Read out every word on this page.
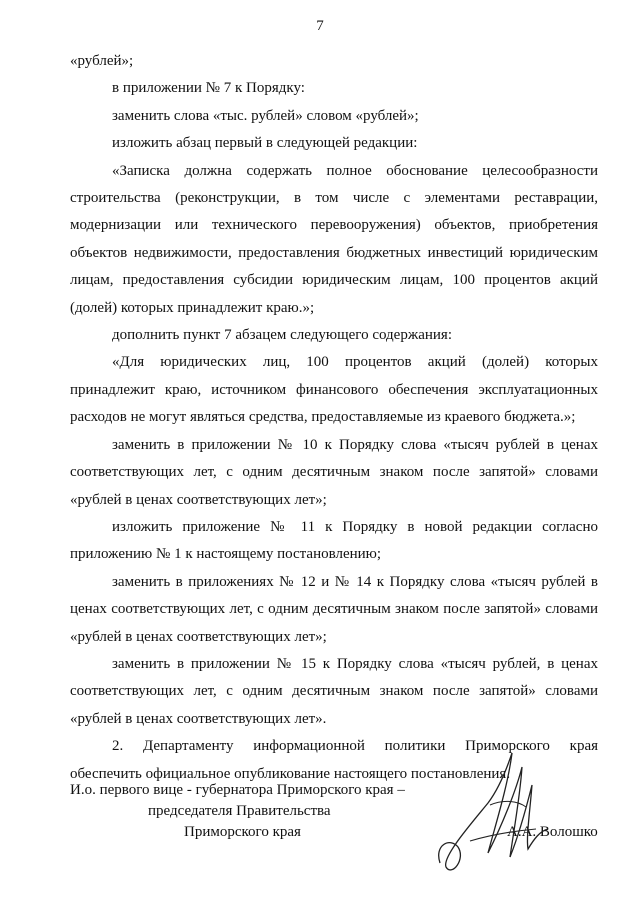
7

«рублей»;

в приложении № 7 к Порядку:

заменить слова «тыс. рублей» словом «рублей»;

изложить абзац первый в следующей редакции:

«Записка должна содержать полное обоснование целесообразности строительства (реконструкции, в том числе с элементами реставрации, модернизации или технического перевооружения) объектов, приобретения объектов недвижимости, предоставления бюджетных инвестиций юридическим лицам, предоставления субсидии юридическим лицам, 100 процентов акций (долей) которых принадлежит краю.»;

дополнить пункт 7 абзацем следующего содержания:

«Для юридических лиц, 100 процентов акций (долей) которых принадлежит краю, источником финансового обеспечения эксплуатационных расходов не могут являться средства, предоставляемые из краевого бюджета.»;

заменить в приложении № 10 к Порядку слова «тысяч рублей в ценах соответствующих лет, с одним десятичным знаком после запятой» словами «рублей в ценах соответствующих лет»;

изложить приложение № 11 к Порядку в новой редакции согласно приложению № 1 к настоящему постановлению;

заменить в приложениях № 12 и № 14 к Порядку слова «тысяч рублей в ценах соответствующих лет, с одним десятичным знаком после запятой» словами «рублей в ценах соответствующих лет»;

заменить в приложении № 15 к Порядку слова «тысяч рублей, в ценах соответствующих лет, с одним десятичным знаком после запятой» словами «рублей в ценах соответствующих лет».

2. Департаменту информационной политики Приморского края

обеспечить официальное опубликование настоящего постановления.

И.о. первого вице - губернатора Приморского края –
председателя Правительства
Приморского края	А.А. Волошко
